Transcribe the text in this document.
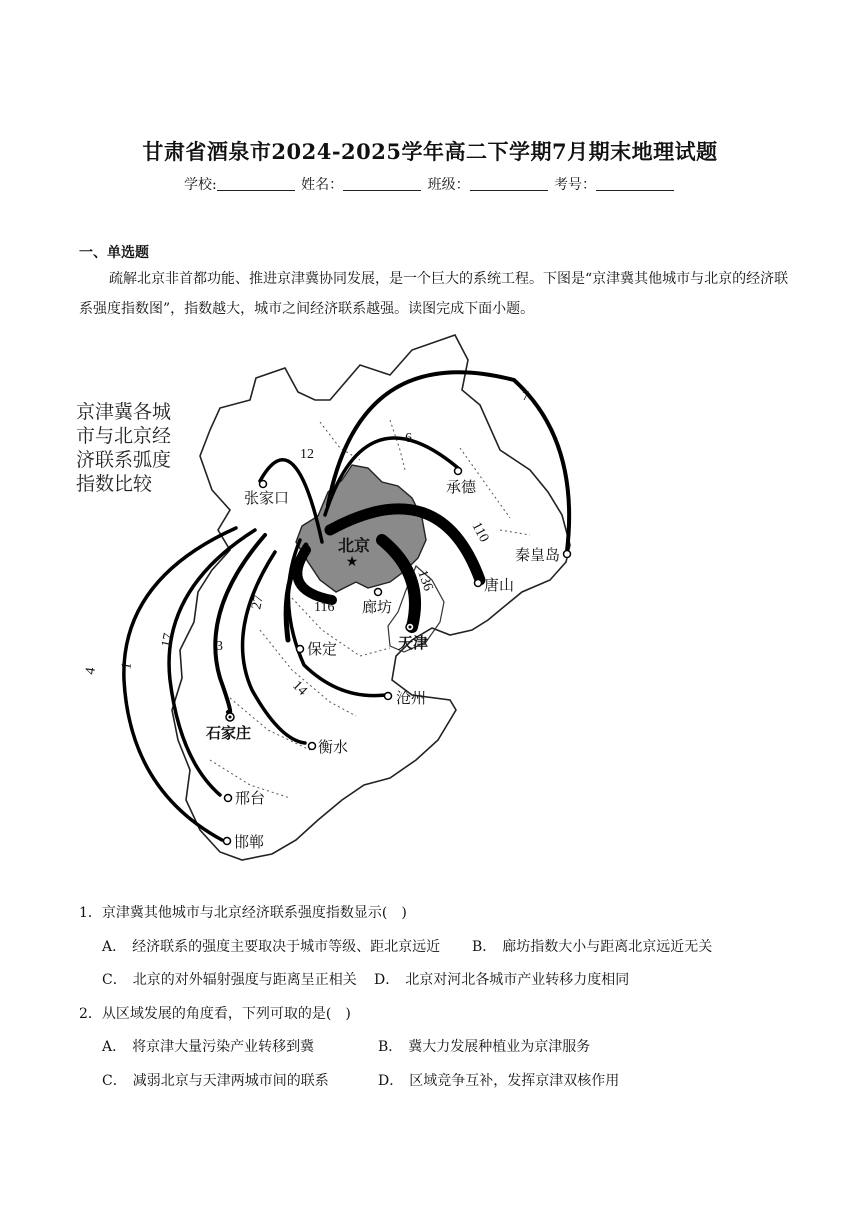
甘肃省酒泉市2024-2025学年高二下学期7月期末地理试题
学校:	姓名：	班级：	考号：
一、单选题
疏解北京非首都功能、推进京津冀协同发展，是一个巨大的系统工程。下图是“京津冀其他城市与北京的经济联系强度指数图”，指数越大，城市之间经济联系越强。读图完成下面小题。
★
京津冀各城
市与北京经
济联系弧度
指数比较
北京
张家口
承德
秦皇岛
唐山
廊坊
天津
保定
沧州
石家庄
衡水
邢台
邯郸
12
6
7
110
136
116
27
14
17	3
1
4
1．京津冀其他城市与北京经济联系强度指数显示(　)
A． 经济联系的强度主要取决于城市等级、距北京远近 B． 廊坊指数大小与距离北京远近无关
C． 北京的对外辐射强度与距离呈正相关 D． 北京对河北各城市产业转移力度相同
2．从区域发展的角度看，下列可取的是(　)
A． 将京津大量污染产业转移到冀	B． 冀大力发展种植业为京津服务
C． 减弱北京与天津两城市间的联系	D． 区域竞争互补，发挥京津双核作用
